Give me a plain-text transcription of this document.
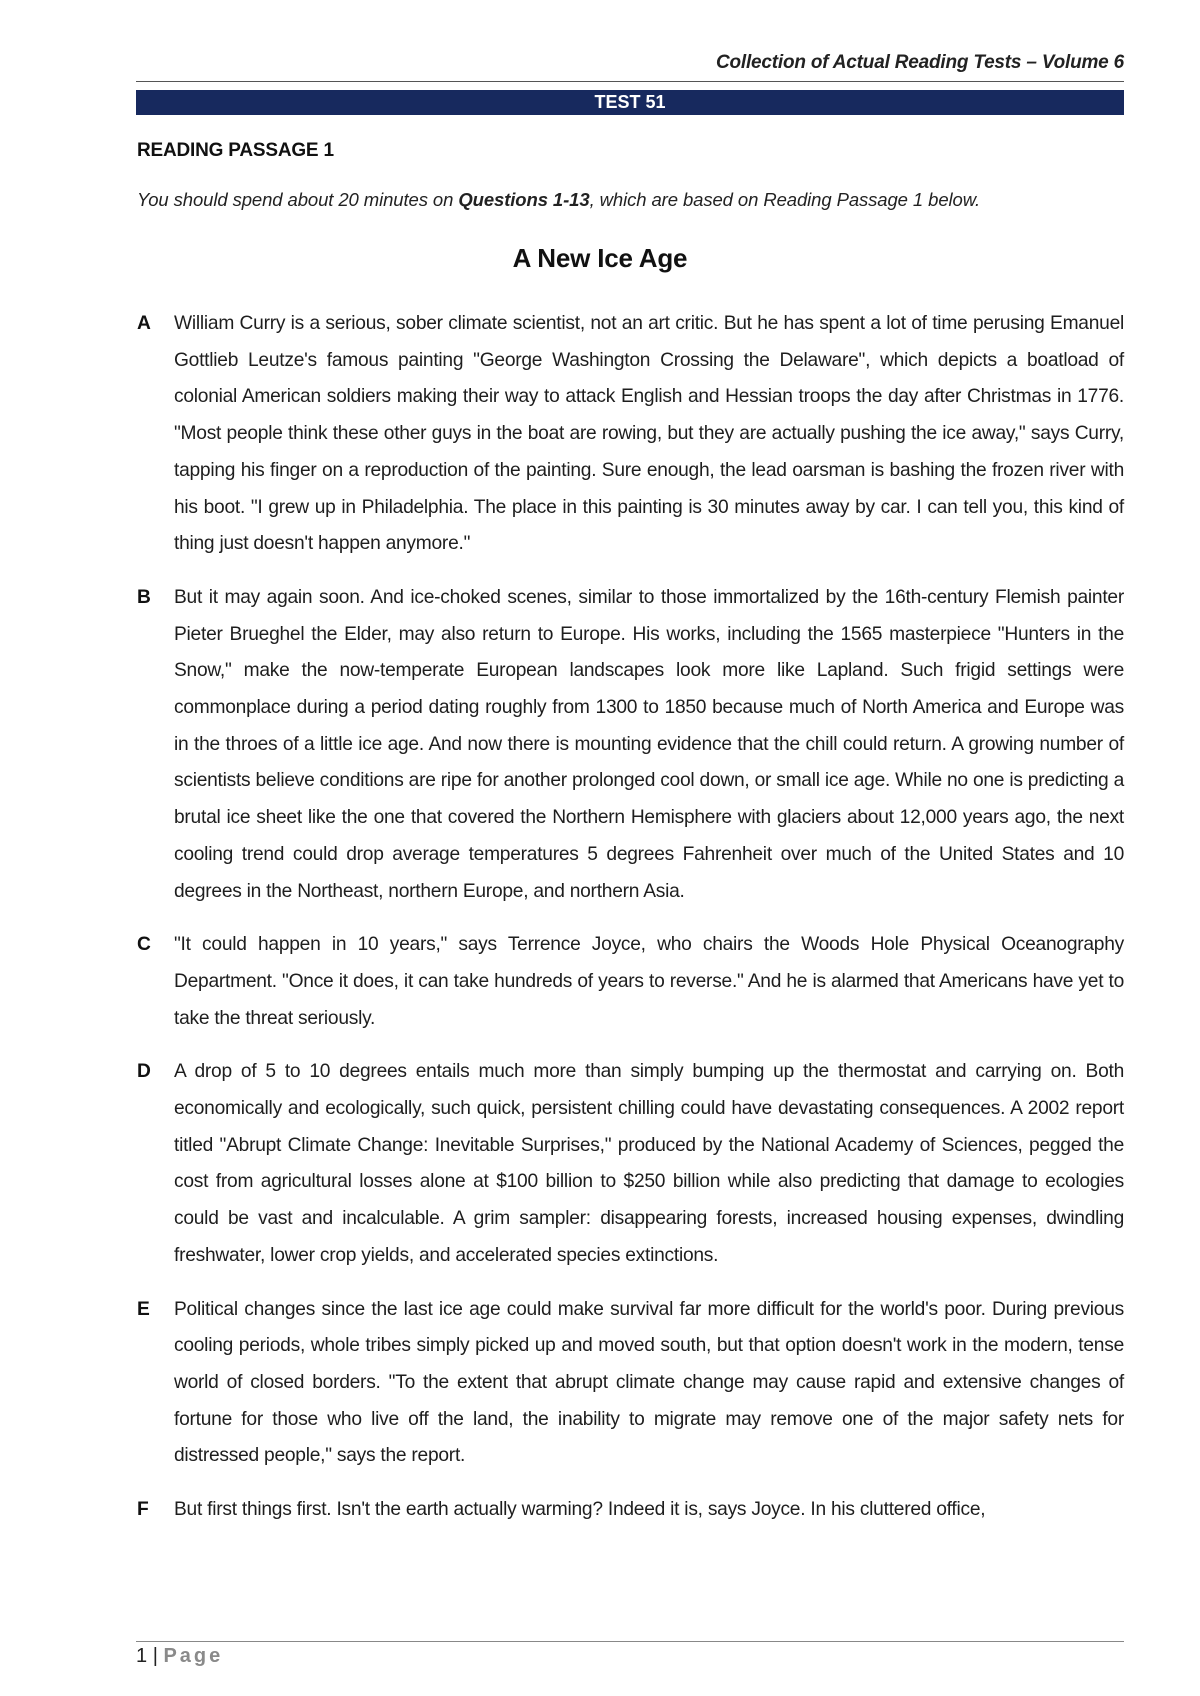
Collection of Actual Reading Tests – Volume 6
TEST 51
READING PASSAGE 1
You should spend about 20 minutes on Questions 1-13, which are based on Reading Passage 1 below.
A New Ice Age
A William Curry is a serious, sober climate scientist, not an art critic. But he has spent a lot of time perusing Emanuel Gottlieb Leutze's famous painting "George Washington Crossing the Delaware", which depicts a boatload of colonial American soldiers making their way to attack English and Hessian troops the day after Christmas in 1776. "Most people think these other guys in the boat are rowing, but they are actually pushing the ice away," says Curry, tapping his finger on a reproduction of the painting. Sure enough, the lead oarsman is bashing the frozen river with his boot. "I grew up in Philadelphia. The place in this painting is 30 minutes away by car. I can tell you, this kind of thing just doesn't happen anymore."
B But it may again soon. And ice-choked scenes, similar to those immortalized by the 16th-century Flemish painter Pieter Brueghel the Elder, may also return to Europe. His works, including the 1565 masterpiece "Hunters in the Snow," make the now-temperate European landscapes look more like Lapland. Such frigid settings were commonplace during a period dating roughly from 1300 to 1850 because much of North America and Europe was in the throes of a little ice age. And now there is mounting evidence that the chill could return. A growing number of scientists believe conditions are ripe for another prolonged cool down, or small ice age. While no one is predicting a brutal ice sheet like the one that covered the Northern Hemisphere with glaciers about 12,000 years ago, the next cooling trend could drop average temperatures 5 degrees Fahrenheit over much of the United States and 10 degrees in the Northeast, northern Europe, and northern Asia.
C "It could happen in 10 years," says Terrence Joyce, who chairs the Woods Hole Physical Oceanography Department. "Once it does, it can take hundreds of years to reverse." And he is alarmed that Americans have yet to take the threat seriously.
D A drop of 5 to 10 degrees entails much more than simply bumping up the thermostat and carrying on. Both economically and ecologically, such quick, persistent chilling could have devastating consequences. A 2002 report titled "Abrupt Climate Change: Inevitable Surprises," produced by the National Academy of Sciences, pegged the cost from agricultural losses alone at $100 billion to $250 billion while also predicting that damage to ecologies could be vast and incalculable. A grim sampler: disappearing forests, increased housing expenses, dwindling freshwater, lower crop yields, and accelerated species extinctions.
E Political changes since the last ice age could make survival far more difficult for the world's poor. During previous cooling periods, whole tribes simply picked up and moved south, but that option doesn't work in the modern, tense world of closed borders. "To the extent that abrupt climate change may cause rapid and extensive changes of fortune for those who live off the land, the inability to migrate may remove one of the major safety nets for distressed people," says the report.
F But first things first. Isn't the earth actually warming? Indeed it is, says Joyce. In his cluttered office,
1 | Page
